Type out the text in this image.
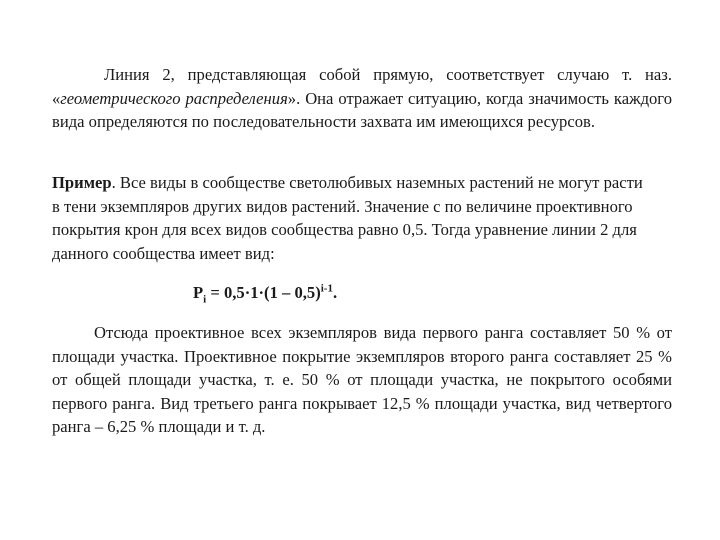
Линия 2, представляющая собой прямую, соответствует случаю т. наз. «геометрического распределения». Она отражает ситуацию, когда значимость каждого вида определяются по последовательности захвата им имеющихся ресурсов.
Пример. Все виды в сообществе светолюбивых наземных растений не могут расти в тени экземпляров других видов растений. Значение с по величине проективного покрытия крон для всех видов сообщества равно 0,5. Тогда уравнение линии 2 для данного сообщества имеет вид:
$P_i = 0,5\cdot 1\cdot(1 - 0,5)^{i-1}$.
Отсюда проективное всех экземпляров вида первого ранга составляет 50 % от площади участка. Проективное покрытие экземпляров второго ранга составляет 25 % от общей площади участка, т. е. 50 % от площади участка, не покрытого особями первого ранга. Вид третьего ранга покрывает 12,5 % площади участка, вид четвертого ранга – 6,25 % площади и т. д.
